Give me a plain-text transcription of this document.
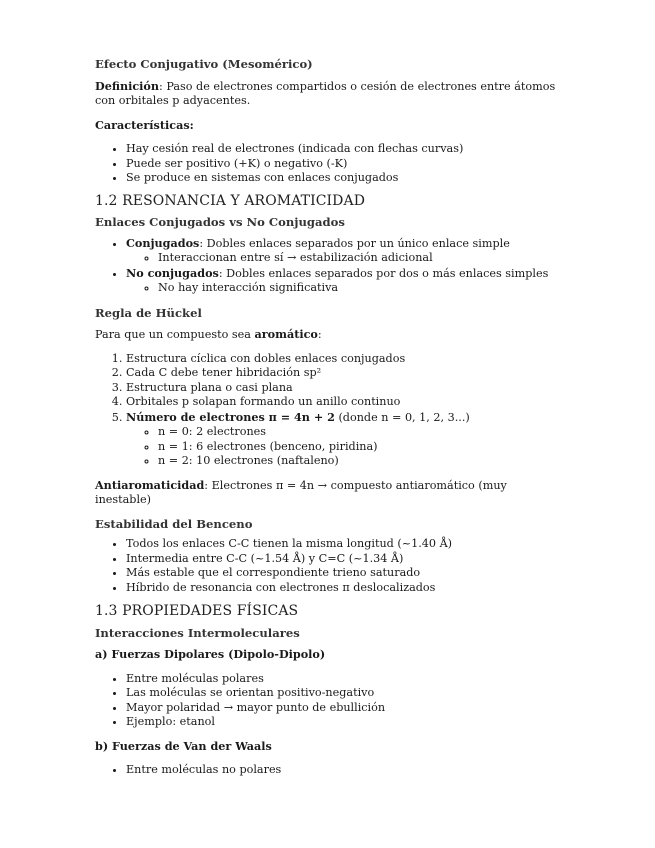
Efecto Conjugativo (Mesomérico)

Definición: Paso de electrones compartidos o cesión de electrones entre átomos con orbitales p adyacentes.

Características:

• Hay cesión real de electrones (indicada con flechas curvas)
• Puede ser positivo (+K) o negativo (-K)
• Se produce en sistemas con enlaces conjugados
1.2 RESONANCIA Y AROMATICIDAD
Enlaces Conjugados vs No Conjugados
• Conjugados: Dobles enlaces separados por un único enlace simple
◦ Interaccionan entre sí → estabilización adicional
• No conjugados: Dobles enlaces separados por dos o más enlaces simples
◦ No hay interacción significativa
Regla de Hückel

Para que un compuesto sea aromático:

1. Estructura cíclica con dobles enlaces conjugados
2. Cada C debe tener hibridación sp²
3. Estructura plana o casi plana
4. Orbitales p solapan formando un anillo continuo
5. Número de electrones π = 4n + 2 (donde n = 0, 1, 2, 3...)
◦ n = 0: 2 electrones
◦ n = 1: 6 electrones (benceno, piridina)
◦ n = 2: 10 electrones (naftaleno)

Antiaromaticidad: Electrones π = 4n → compuesto antiaromático (muy inestable)

Estabilidad del Benceno
• Todos los enlaces C-C tienen la misma longitud (~1.40 Å)
• Intermedia entre C-C (~1.54 Å) y C=C (~1.34 Å)
• Más estable que el correspondiente trieno saturado
• Híbrido de resonancia con electrones π deslocalizados
1.3 PROPIEDADES FÍSICAS
Interacciones Intermoleculares

a) Fuerzas Dipolares (Dipolo-Dipolo)

• Entre moléculas polares
• Las moléculas se orientan positivo-negativo
• Mayor polaridad → mayor punto de ebullición
• Ejemplo: etanol

b) Fuerzas de Van der Waals

• Entre moléculas no polares
